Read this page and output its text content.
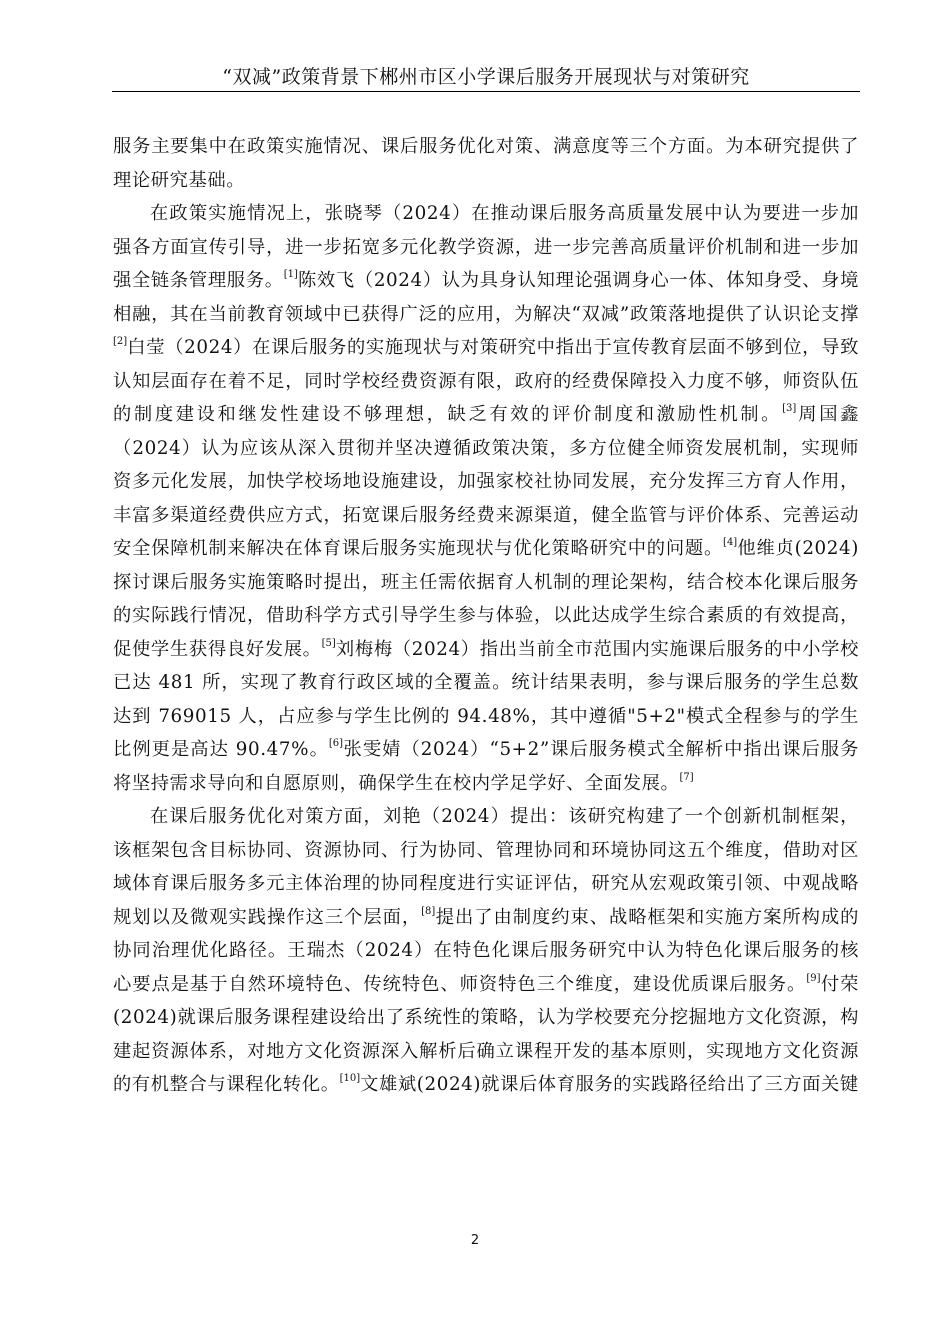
“双减”政策背景下郴州市区小学课后服务开展现状与对策研究

服务主要集中在政策实施情况、课后服务优化对策、满意度等三个方面。为本研究提供了理论研究基础。

在政策实施情况上，张晓琴（2024）在推动课后服务高质量发展中认为要进一步加强各方面宣传引导，进一步拓宽多元化教学资源，进一步完善高质量评价机制和进一步加强全链条管理服务。[1]陈效飞（2024）认为具身认知理论强调身心一体、体知身受、身境相融，其在当前教育领域中已获得广泛的应用，为解决“双减”政策落地提供了认识论支撑[2]白莹（2024）在课后服务的实施现状与对策研究中指出于宣传教育层面不够到位，导致认知层面存在着不足，同时学校经费资源有限，政府的经费保障投入力度不够，师资队伍的制度建设和继发性建设不够理想，缺乏有效的评价制度和激励性机制。[3]周国鑫（2024）认为应该从深入贯彻并坚决遵循政策决策，多方位健全师资发展机制，实现师资多元化发展，加快学校场地设施建设，加强家校社协同发展，充分发挥三方育人作用，丰富多渠道经费供应方式，拓宽课后服务经费来源渠道，健全监管与评价体系、完善运动安全保障机制来解决在体育课后服务实施现状与优化策略研究中的问题。[4]他维贞(2024)探讨课后服务实施策略时提出，班主任需依据育人机制的理论架构，结合校本化课后服务的实际践行情况，借助科学方式引导学生参与体验，以此达成学生综合素质的有效提高，促使学生获得良好发展。[5]刘梅梅（2024）指出当前全市范围内实施课后服务的中小学校已达 481 所，实现了教育行政区域的全覆盖。统计结果表明，参与课后服务的学生总数达到 769015 人，占应参与学生比例的 94.48%，其中遵循"5+2"模式全程参与的学生比例更是高达 90.47%。[6]张雯婧（2024）“5+2”课后服务模式全解析中指出课后服务将坚持需求导向和自愿原则，确保学生在校内学足学好、全面发展。[7]

在课后服务优化对策方面，刘艳（2024）提出：该研究构建了一个创新机制框架，该框架包含目标协同、资源协同、行为协同、管理协同和环境协同这五个维度，借助对区域体育课后服务多元主体治理的协同程度进行实证评估，研究从宏观政策引领、中观战略规划以及微观实践操作这三个层面，[8]提出了由制度约束、战略框架和实施方案所构成的协同治理优化路径。王瑞杰（2024）在特色化课后服务研究中认为特色化课后服务的核心要点是基于自然环境特色、传统特色、师资特色三个维度，建设优质课后服务。[9]付荣(2024)就课后服务课程建设给出了系统性的策略，认为学校要充分挖掘地方文化资源，构建起资源体系，对地方文化资源深入解析后确立课程开发的基本原则，实现地方文化资源的有机整合与课程化转化。[10]文雄斌(2024)就课后体育服务的实践路径给出了三方面关键

2
